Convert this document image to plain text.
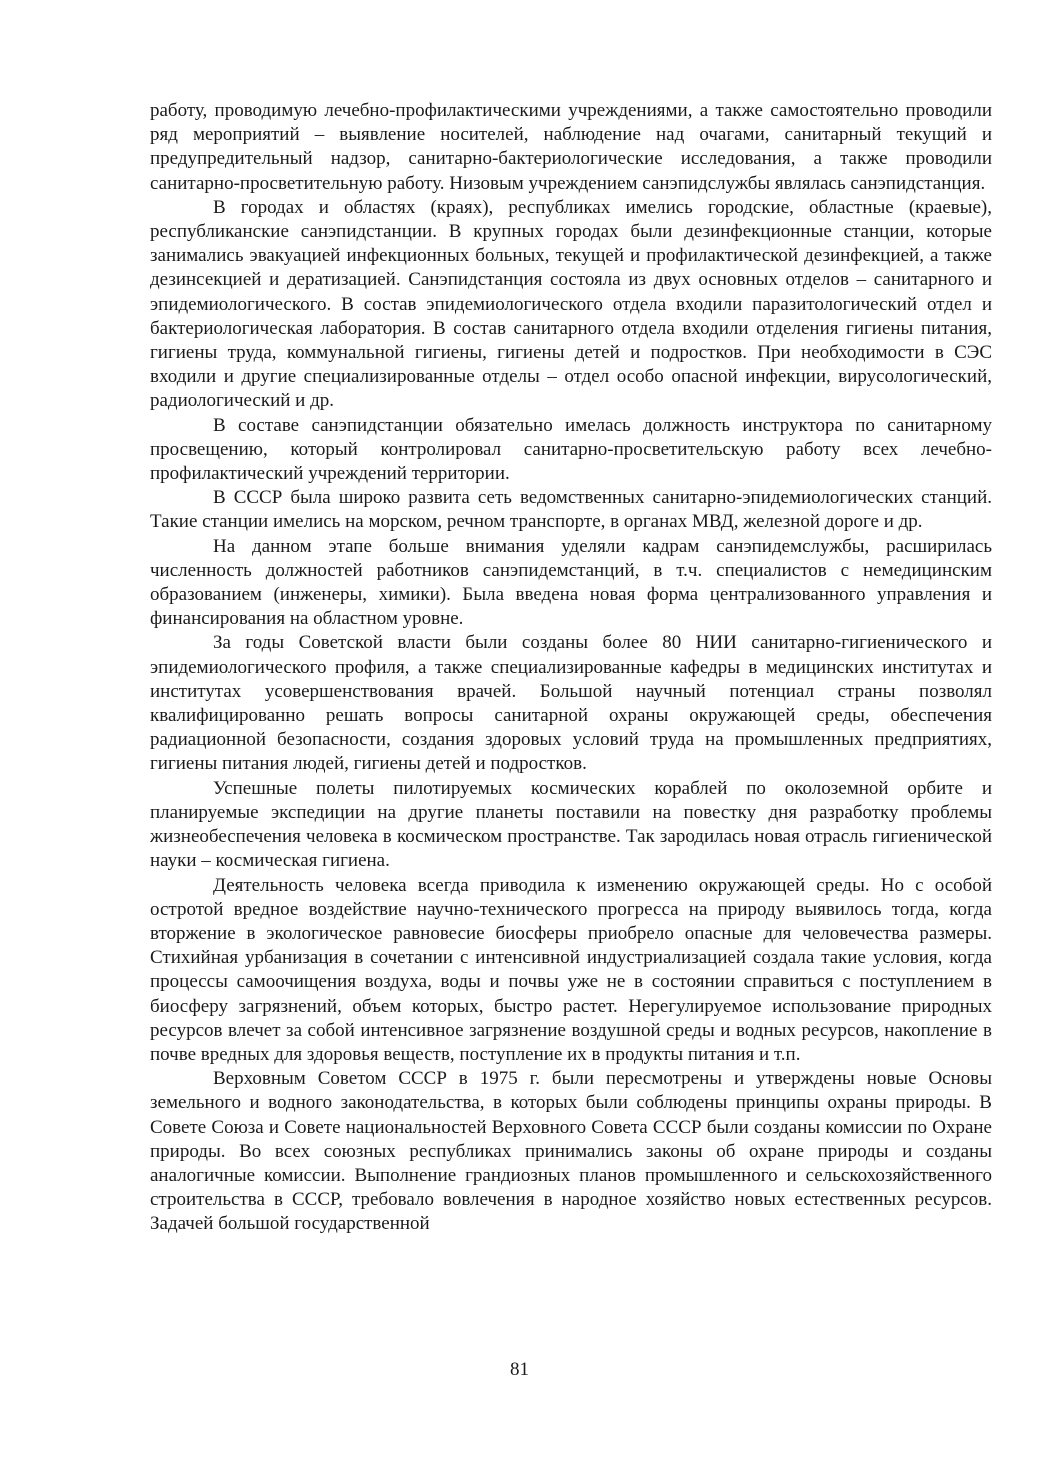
работу, проводимую лечебно-профилактическими учреждениями, а также самостоятельно проводили ряд мероприятий – выявление носителей, наблюдение над очагами, санитарный текущий и предупредительный надзор, санитарно-бактериологические исследования, а также проводили санитарно-просветительную работу. Низовым учреждением санэпидслужбы являлась санэпидстанция.

В городах и областях (краях), республиках имелись городские, областные (краевые), республиканские санэпидстанции. В крупных городах были дезинфекционные станции, которые занимались эвакуацией инфекционных больных, текущей и профилактической дезинфекцией, а также дезинсекцией и дератизацией. Санэпидстанция состояла из двух основных отделов – санитарного и эпидемиологического. В состав эпидемиологического отдела входили паразитологический отдел и бактериологическая лаборатория. В состав санитарного отдела входили отделения гигиены питания, гигиены труда, коммунальной гигиены, гигиены детей и подростков. При необходимости в СЭС входили и другие специализированные отделы – отдел особо опасной инфекции, вирусологический, радиологический и др.

В составе санэпидстанции обязательно имелась должность инструктора по санитарному просвещению, который контролировал санитарно-просветительскую работу всех лечебно-профилактический учреждений территории.

В СССР была широко развита сеть ведомственных санитарно-эпидемиологических станций. Такие станции имелись на морском, речном транспорте, в органах МВД, железной дороге и др.

На данном этапе больше внимания уделяли кадрам санэпидемслужбы, расширилась численность должностей работников санэпидемстанций, в т.ч. специалистов с немедицинским образованием (инженеры, химики). Была введена новая форма централизованного управления и финансирования на областном уровне.

За годы Советской власти были созданы более 80 НИИ санитарно-гигиенического и эпидемиологического профиля, а также специализированные кафедры в медицинских институтах и институтах усовершенствования врачей. Большой научный потенциал страны позволял квалифицированно решать вопросы санитарной охраны окружающей среды, обеспечения радиационной безопасности, создания здоровых условий труда на промышленных предприятиях, гигиены питания людей, гигиены детей и подростков.

Успешные полеты пилотируемых космических кораблей по околоземной орбите и планируемые экспедиции на другие планеты поставили на повестку дня разработку проблемы жизнеобеспечения человека в космическом пространстве. Так зародилась новая отрасль гигиенической науки – космическая гигиена.

Деятельность человека всегда приводила к изменению окружающей среды. Но с особой остротой вредное воздействие научно-технического прогресса на природу выявилось тогда, когда вторжение в экологическое равновесие биосферы приобрело опасные для человечества размеры. Стихийная урбанизация в сочетании с интенсивной индустриализацией создала такие условия, когда процессы самоочищения воздуха, воды и почвы уже не в состоянии справиться с поступлением в биосферу загрязнений, объем которых, быстро растет. Нерегулируемое использование природных ресурсов влечет за собой интенсивное загрязнение воздушной среды и водных ресурсов, накопление в почве вредных для здоровья веществ, поступление их в продукты питания и т.п.

Верховным Советом СССР в 1975 г. были пересмотрены и утверждены новые Основы земельного и водного законодательства, в которых были соблюдены принципы охраны природы. В Совете Союза и Совете национальностей Верховного Совета СССР были созданы комиссии по Охране природы. Во всех союзных республиках принимались законы об охране природы и созданы аналогичные комиссии. Выполнение грандиозных планов промышленного и сельскохозяйственного строительства в СССР, требовало вовлечения в народное хозяйство новых естественных ресурсов. Задачей большой государственной

81
